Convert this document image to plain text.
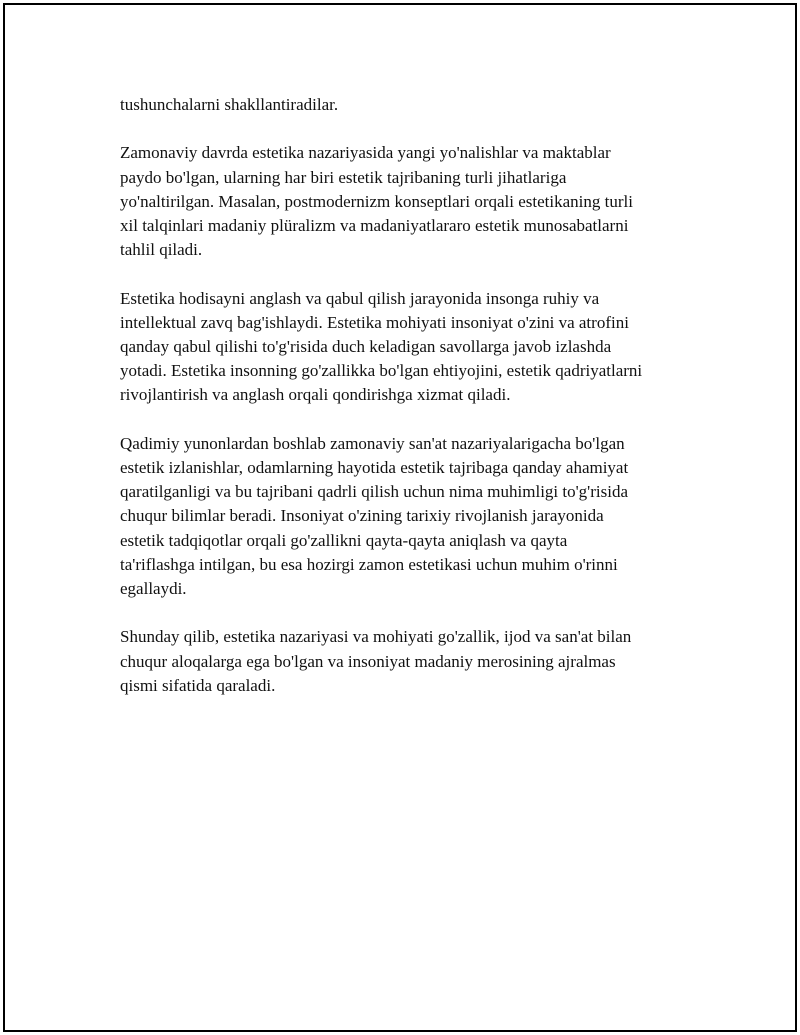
tushunchalarni shakllantiradilar.

Zamonaviy davrda estetika nazariyasida yangi yo'nalishlar va maktablar
paydo bo'lgan, ularning har biri estetik tajribaning turli jihatlariga
yo'naltirilgan. Masalan, postmodernizm konseptlari orqali estetikaning turli
xil talqinlari madaniy plüralizm va madaniyatlararo estetik munosabatlarni
tahlil qiladi.

Estetika hodisayni anglash va qabul qilish jarayonida insonga ruhiy va
intellektual zavq bag'ishlaydi. Estetika mohiyati insoniyat o'zini va atrofini
qanday qabul qilishi to'g'risida duch keladigan savollarga javob izlashda
yotadi. Estetika insonning go'zallikka bo'lgan ehtiyojini, estetik qadriyatlarni
rivojlantirish va anglash orqali qondirishga xizmat qiladi.

Qadimiy yunonlardan boshlab zamonaviy san'at nazariyalarigacha bo'lgan
estetik izlanishlar, odamlarning hayotida estetik tajribaga qanday ahamiyat
qaratilganligi va bu tajribani qadrli qilish uchun nima muhimligi to'g'risida
chuqur bilimlar beradi. Insoniyat o'zining tarixiy rivojlanish jarayonida
estetik tadqiqotlar orqali go'zallikni qayta-qayta aniqlash va qayta
ta'riflashga intilgan, bu esa hozirgi zamon estetikasi uchun muhim o'rinni
egallaydi.

Shunday qilib, estetika nazariyasi va mohiyati go'zallik, ijod va san'at bilan
chuqur aloqalarga ega bo'lgan va insoniyat madaniy merosining ajralmas
qismi sifatida qaraladi.
